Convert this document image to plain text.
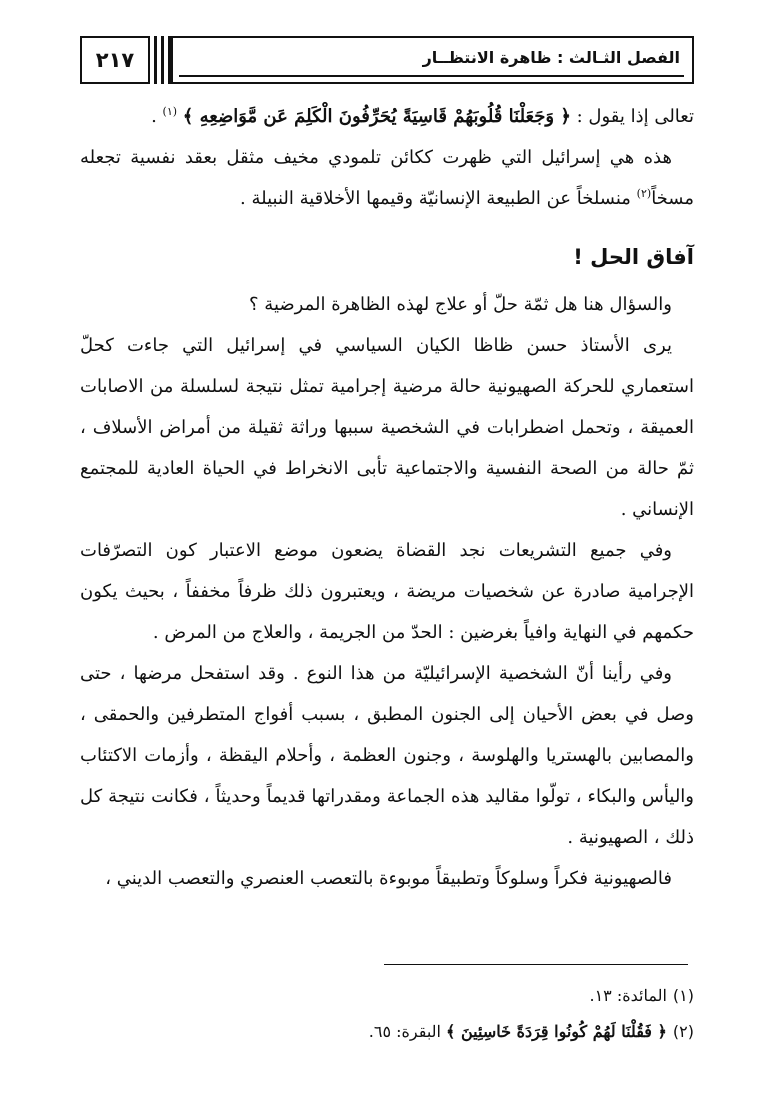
الفصل الثـالث : ظاهرة الانتظــار
٢١٧

تعالى إذا يقول : ﴿ وَجَعَلْنَا قُلُوبَهُمْ قَاسِيَةً يُحَرِّفُونَ الْكَلِمَ عَن مَّوَاضِعِهِ ﴾ $^{(١)}$ .

هذه هي إسرائيل التي ظهرت ككائن تلمودي مخيف مثقل بعقد نفسية تجعله مسخاً$^{(٢)}$ منسلخاً عن الطبيعة الإنسانيّة وقيمها الأخلاقية النبيلة .

آفاق الحل !

والسؤال هنا هل ثمّة حلّ أو علاج لهذه الظاهرة المرضية ؟

يرى الأستاذ حسن ظاظا الكيان السياسي في إسرائيل التي جاءت كحلّ استعماري للحركة الصهيونية حالة مرضية إجرامية تمثل نتيجة لسلسلة من الاصابات العميقة ، وتحمل اضطرابات في الشخصية سببها وراثة ثقيلة من أمراض الأسلاف ، ثمّ حالة من الصحة النفسية والاجتماعية تأبى الانخراط في الحياة العادية للمجتمع الإنساني .

وفي جميع التشريعات نجد القضاة يضعون موضع الاعتبار كون التصرّفات الإجرامية صادرة عن شخصيات مريضة ، ويعتبرون ذلك ظرفاً مخففاً ، بحيث يكون حكمهم في النهاية وافياً بغرضين : الحدّ من الجريمة ، والعلاج من المرض .

وفي رأينا أنّ الشخصية الإسرائيليّة من هذا النوع . وقد استفحل مرضها ، حتى وصل في بعض الأحيان إلى الجنون المطبق ، بسبب أفواج المتطرفين والحمقى ، والمصابين بالهستريا والهلوسة ، وجنون العظمة ، وأحلام اليقظة ، وأزمات الاكتئاب واليأس والبكاء ، تولّوا مقاليد هذه الجماعة ومقدراتها قديماً وحديثاً ، فكانت نتيجة كل ذلك ، الصهيونية .

فالصهيونية فكراً وسلوكاً وتطبيقاً موبوءة بالتعصب العنصري والتعصب الديني ،

(١)المائدة: ١٣.

(٢)﴿ فَقُلْنَا لَهُمْ كُونُوا قِرَدَةً خَاسِئِينَ ﴾ البقرة: ٦٥.
